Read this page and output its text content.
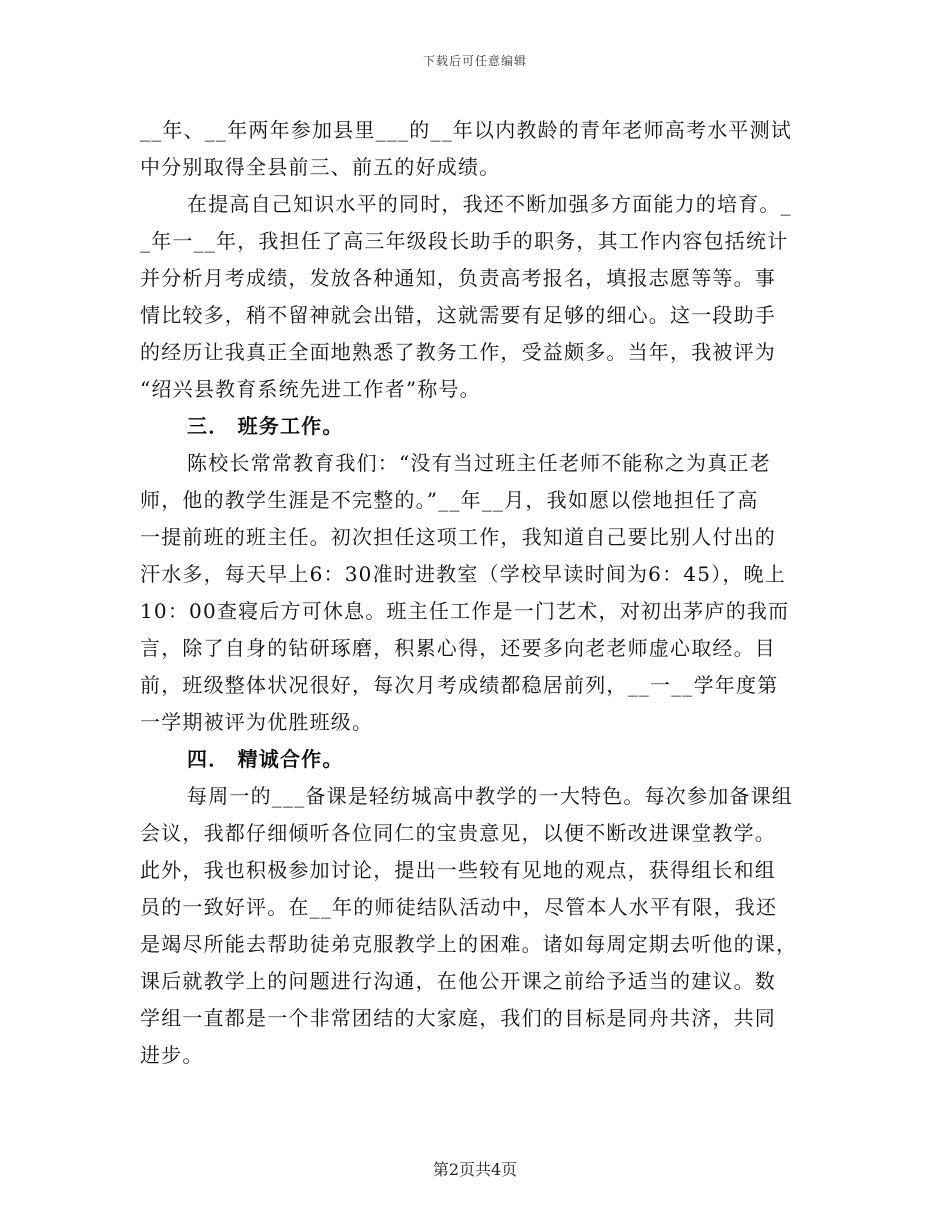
下载后可任意编辑
__年、__年两年参加县里___的__年以内教龄的青年老师高考水平测试
中分别取得全县前三、前五的好成绩。
在提高自己知识水平的同时，我还不断加强多方面能力的培育。_
_年一__年，我担任了高三年级段长助手的职务，其工作内容包括统计
并分析月考成绩，发放各种通知，负责高考报名，填报志愿等等。事
情比较多，稍不留神就会出错，这就需要有足够的细心。这一段助手
的经历让我真正全面地熟悉了教务工作，受益颇多。当年，我被评为
“绍兴县教育系统先进工作者”称号。
三． 班务工作。
陈校长常常教育我们：“没有当过班主任老师不能称之为真正老
师，他的教学生涯是不完整的。”__年__月，我如愿以偿地担任了高
一提前班的班主任。初次担任这项工作，我知道自己要比别人付出的
汗水多，每天早上6：30准时进教室（学校早读时间为6：45），晚上
10：00查寝后方可休息。班主任工作是一门艺术，对初出茅庐的我而
言，除了自身的钻研琢磨，积累心得，还要多向老老师虚心取经。目
前，班级整体状况很好，每次月考成绩都稳居前列，__一__学年度第
一学期被评为优胜班级。
四． 精诚合作。
每周一的___备课是轻纺城高中教学的一大特色。每次参加备课组
会议，我都仔细倾听各位同仁的宝贵意见，以便不断改进课堂教学。
此外，我也积极参加讨论，提出一些较有见地的观点，获得组长和组
员的一致好评。在__年的师徒结队活动中，尽管本人水平有限，我还
是竭尽所能去帮助徒弟克服教学上的困难。诸如每周定期去听他的课，
课后就教学上的问题进行沟通，在他公开课之前给予适当的建议。数
学组一直都是一个非常团结的大家庭，我们的目标是同舟共济，共同
进步。
第2页共4页
